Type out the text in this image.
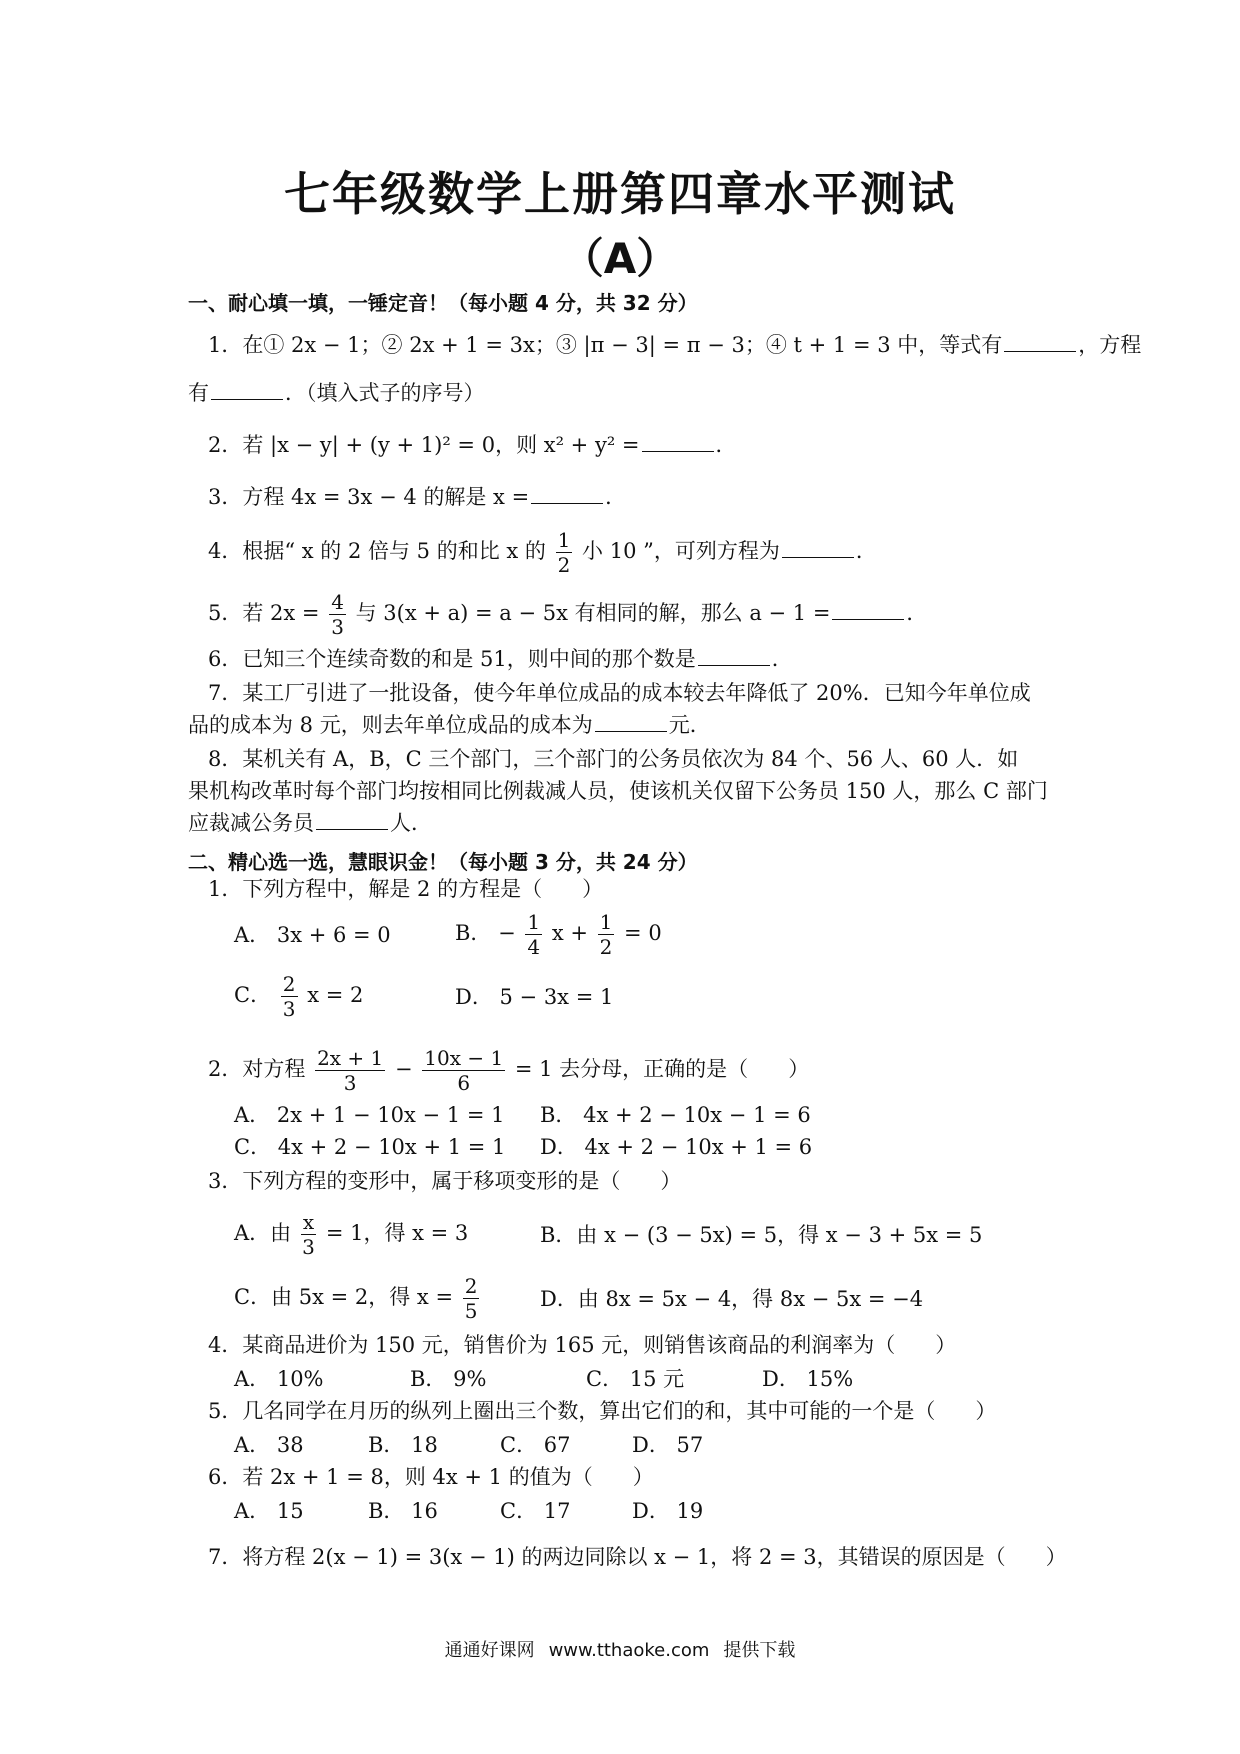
七年级数学上册第四章水平测试
（A）
一、耐心填一填，一锤定音！（每小题 4 分，共 32 分）
1．在① 2x − 1；② 2x + 1 = 3x；③ |π − 3| = π − 3；④ t + 1 = 3 中，等式有	，方程
有	．（填入式子的序号）
2．若 |x − y| + (y + 1)² = 0，则 x² + y² =	．
3．方程 4x = 3x − 4 的解是 x =	．
4．根据“ x 的 2 倍与 5 的和比 x 的 $\frac{1}{2}$ 小 10 ”，可列方程为	．
5．若 $2x = \frac{4}{3}$ 与 3(x + a) = a − 5x 有相同的解，那么 a − 1 =	．
6．已知三个连续奇数的和是 51，则中间的那个数是	．
7．某工厂引进了一批设备，使今年单位成品的成本较去年降低了 20%．已知今年单位成
品的成本为 8 元，则去年单位成品的成本为	元．
8．某机关有 A，B，C 三个部门，三个部门的公务员依次为 84 个、56 人、60 人．如
果机构改革时每个部门均按相同比例裁减人员，使该机关仅留下公务员 150 人，那么 C 部门
应裁减公务员	人．
二、精心选一选，慧眼识金！（每小题 3 分，共 24 分）
1．下列方程中，解是 2 的方程是（ ）
A． 3x + 6 = 0	B． − $\frac{1}{4}$ $x + \frac{1}{2} = 0$
C． $\frac{2}{3}$ x = 2	D． 5 − 3x = 1
2．对方程 $\frac{2x + 1}{3} - \frac{10x - 1}{6} = 1$ 去分母，正确的是（ ）
A． 2x + 1 − 10x − 1 = 1 B． 4x + 2 − 10x − 1 = 6
C． 4x + 2 − 10x + 1 = 1 D． 4x + 2 − 10x + 1 = 6
3．下列方程的变形中，属于移项变形的是（ ）
A．由 $\frac{x}{3} = 1$，得 x = 3	B．由 x − (3 − 5x) = 5，得 x − 3 + 5x = 5
C．由 5x = 2，得 $x = \frac{2}{5}$	D．由 8x = 5x − 4，得 8x − 5x = −4
4．某商品进价为 150 元，销售价为 165 元，则销售该商品的利润率为（ ）
A． 10%	B． 9%	C． 15 元	D． 15%
5．几名同学在月历的纵列上圈出三个数，算出它们的和，其中可能的一个是（ ）
A． 38	B． 18	C． 67	D． 57
6．若 2x + 1 = 8，则 4x + 1 的值为（ ）
A． 15	B． 16	C． 17	D． 19
7．将方程 2(x − 1) = 3(x − 1) 的两边同除以 x − 1，将 2 = 3，其错误的原因是（ ）
通通好课网 www.tthaoke.com 提供下载
